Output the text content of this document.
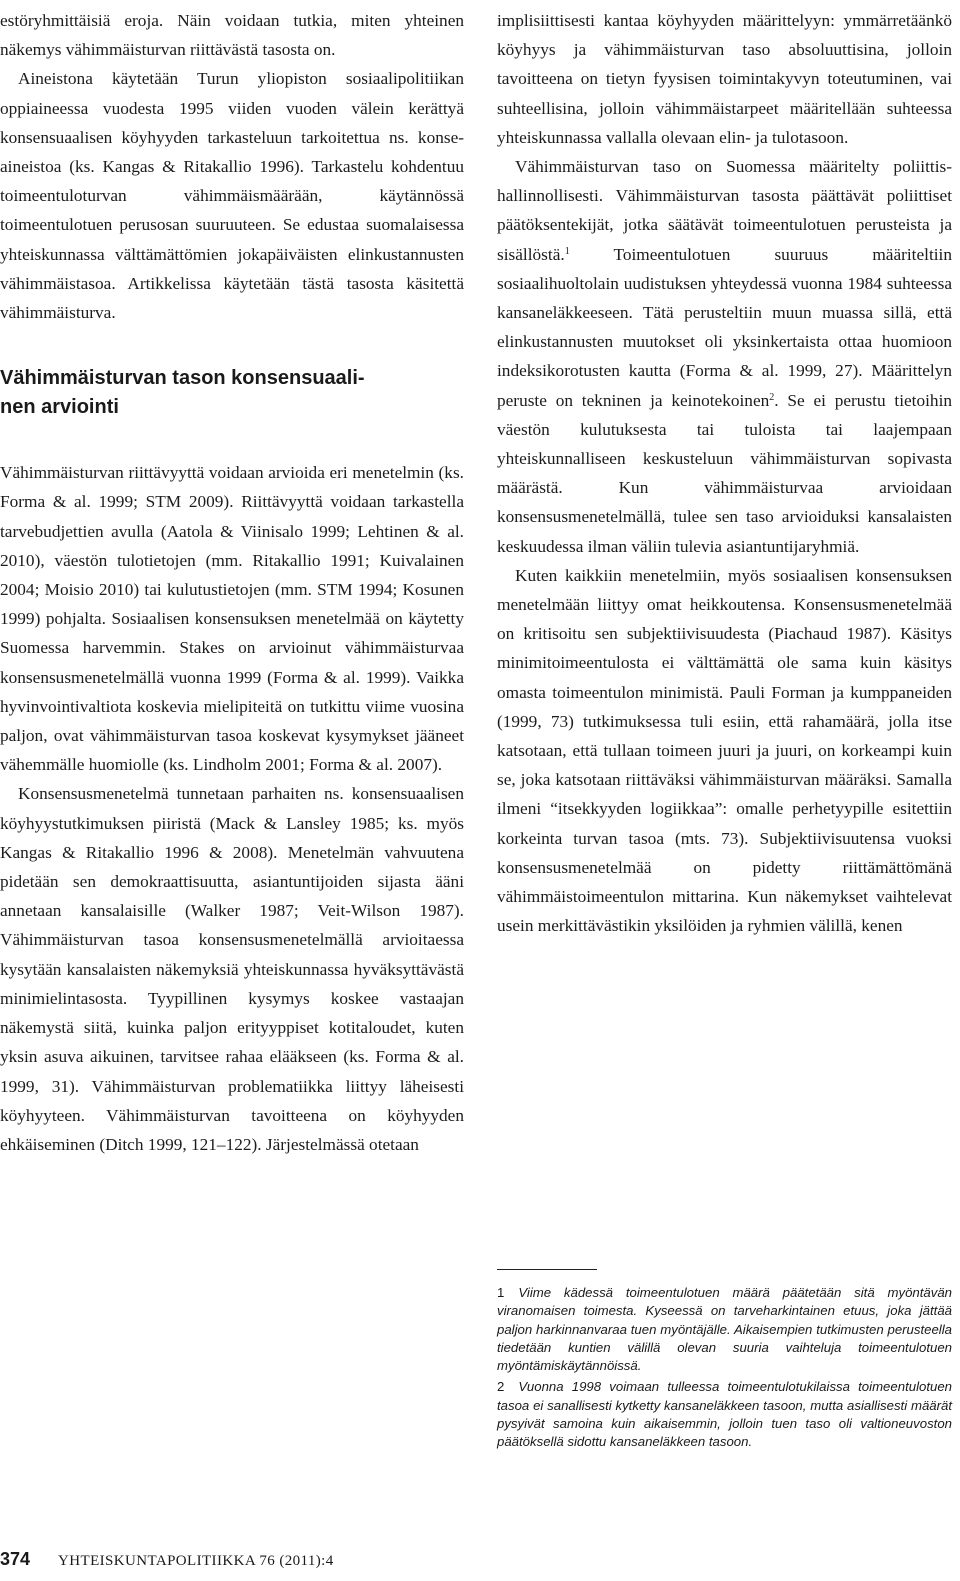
estöryhmittäisiä eroja. Näin voidaan tutkia, miten yhteinen näkemys vähimmäisturvan riittävästä tasosta on.

Aineistona käytetään Turun yliopiston sosiaalipolitiikan oppiaineessa vuodesta 1995 viiden vuoden välein kerättyä konsensuaalisen köyhyyden tarkasteluun tarkoitettua ns. konse-aineistoa (ks. Kangas & Ritakallio 1996). Tarkastelu kohdentuu toimeentuloturvan vähimmäismäärään, käytännössä toimeentulotuen perusosan suuruuteen. Se edustaa suomalaisessa yhteiskunnassa välttämättömien jokapäiväisten elinkustannusten vähimmäistasoa. Artikkelissa käytetään tästä tasosta käsitettä vähimmäisturva.

Vähimmäisturvan tason konsensuaali-
nen arviointi

Vähimmäisturvan riittävyyttä voidaan arvioida eri menetelmin (ks. Forma & al. 1999; STM 2009). Riittävyyttä voidaan tarkastella tarvebudjettien avulla (Aatola & Viinisalo 1999; Lehtinen & al. 2010), väestön tulotietojen (mm. Ritakallio 1991; Kuivalainen 2004; Moisio 2010) tai kulutustietojen (mm. STM 1994; Kosunen 1999) pohjalta. Sosiaalisen konsensuksen menetelmää on käytetty Suomessa harvemmin. Stakes on arvioinut vähimmäisturvaa konsensusmenetelmällä vuonna 1999 (Forma & al. 1999). Vaikka hyvinvointivaltiota koskevia mielipiteitä on tutkittu viime vuosina paljon, ovat vähimmäisturvan tasoa koskevat kysymykset jääneet vähemmälle huomiolle (ks. Lindholm 2001; Forma & al. 2007).

Konsensusmenetelmä tunnetaan parhaiten ns. konsensuaalisen köyhyystutkimuksen piiristä (Mack & Lansley 1985; ks. myös Kangas & Ritakallio 1996 & 2008). Menetelmän vahvuutena pidetään sen demokraattisuutta, asiantuntijoiden sijasta ääni annetaan kansalaisille (Walker 1987; Veit-Wilson 1987). Vähimmäisturvan tasoa konsensusmenetelmällä arvioitaessa kysytään kansalaisten näkemyksiä yhteiskunnassa hyväksyttävästä minimielintasosta. Tyypillinen kysymys koskee vastaajan näkemystä siitä, kuinka paljon erityyppiset kotitaloudet, kuten yksin asuva aikuinen, tarvitsee rahaa elääkseen (ks. Forma & al. 1999, 31). Vähimmäisturvan problematiikka liittyy läheisesti köyhyyteen. Vähimmäisturvan tavoitteena on köyhyyden ehkäiseminen (Ditch 1999, 121–122). Järjestelmässä otetaan

implisiittisesti kantaa köyhyyden määrittelyyn: ymmärretäänkö köyhyys ja vähimmäisturvan taso absoluuttisina, jolloin tavoitteena on tietyn fyysisen toimintakyvyn toteutuminen, vai suhteellisina, jolloin vähimmäistarpeet määritellään suhteessa yhteiskunnassa vallalla olevaan elin- ja tulotasoon.

Vähimmäisturvan taso on Suomessa määritelty poliittis-hallinnollisesti. Vähimmäisturvan tasosta päättävät poliittiset päätöksentekijät, jotka säätävät toimeentulotuen perusteista ja sisällöstä.$^1$ Toimeentulotuen suuruus määriteltiin sosiaalihuoltolain uudistuksen yhteydessä vuonna 1984 suhteessa kansaneläkkeeseen. Tätä perusteltiin muun muassa sillä, että elinkustannusten muutokset oli yksinkertaista ottaa huomioon indeksikorotusten kautta (Forma & al. 1999, 27). Määrittelyn peruste on tekninen ja keinotekoinen$^2$. Se ei perustu tietoihin väestön kulutuksesta tai tuloista tai laajempaan yhteiskunnalliseen keskusteluun vähimmäisturvan sopivasta määrästä. Kun vähimmäisturvaa arvioidaan konsensusmenetelmällä, tulee sen taso arvioiduksi kansalaisten keskuudessa ilman väliin tulevia asiantuntijaryhmiä.

Kuten kaikkiin menetelmiin, myös sosiaalisen konsensuksen menetelmään liittyy omat heikkoutensa. Konsensusmenetelmää on kritisoitu sen subjektiivisuudesta (Piachaud 1987). Käsitys minimitoimeentulosta ei välttämättä ole sama kuin käsitys omasta toimeentulon minimistä. Pauli Forman ja kumppaneiden (1999, 73) tutkimuksessa tuli esiin, että rahamäärä, jolla itse katsotaan, että tullaan toimeen juuri ja juuri, on korkeampi kuin se, joka katsotaan riittäväksi vähimmäisturvan määräksi. Samalla ilmeni “itsekkyyden logiikkaa”: omalle perhetyypille esitettiin korkeinta turvan tasoa (mts. 73). Subjektiivisuutensa vuoksi konsensusmenetelmää on pidetty riittämättömänä vähimmäistoimeentulon mittarina. Kun näkemykset vaihtelevat usein merkittävästikin yksilöiden ja ryhmien välillä, kenen

1 Viime kädessä toimeentulotuen määrä päätetään sitä myöntävän viranomaisen toimesta. Kyseessä on tarveharkintainen etuus, joka jättää paljon harkinnanvaraa tuen myöntäjälle. Aikaisempien tutkimusten perusteella tiedetään kuntien välillä olevan suuria vaihteluja toimeentulotuen myöntämiskäytännöissä.

2 Vuonna 1998 voimaan tulleessa toimeentulotukilaissa toimeentulotuen tasoa ei sanallisesti kytketty kansaneläkkeen tasoon, mutta asiallisesti määrät pysyivät samoina kuin aikaisemmin, jolloin tuen taso oli valtioneuvoston päätöksellä sidottu kansaneläkkeen tasoon.

374 YHTEISKUNTAPOLITIIKKA 76 (2011):4
